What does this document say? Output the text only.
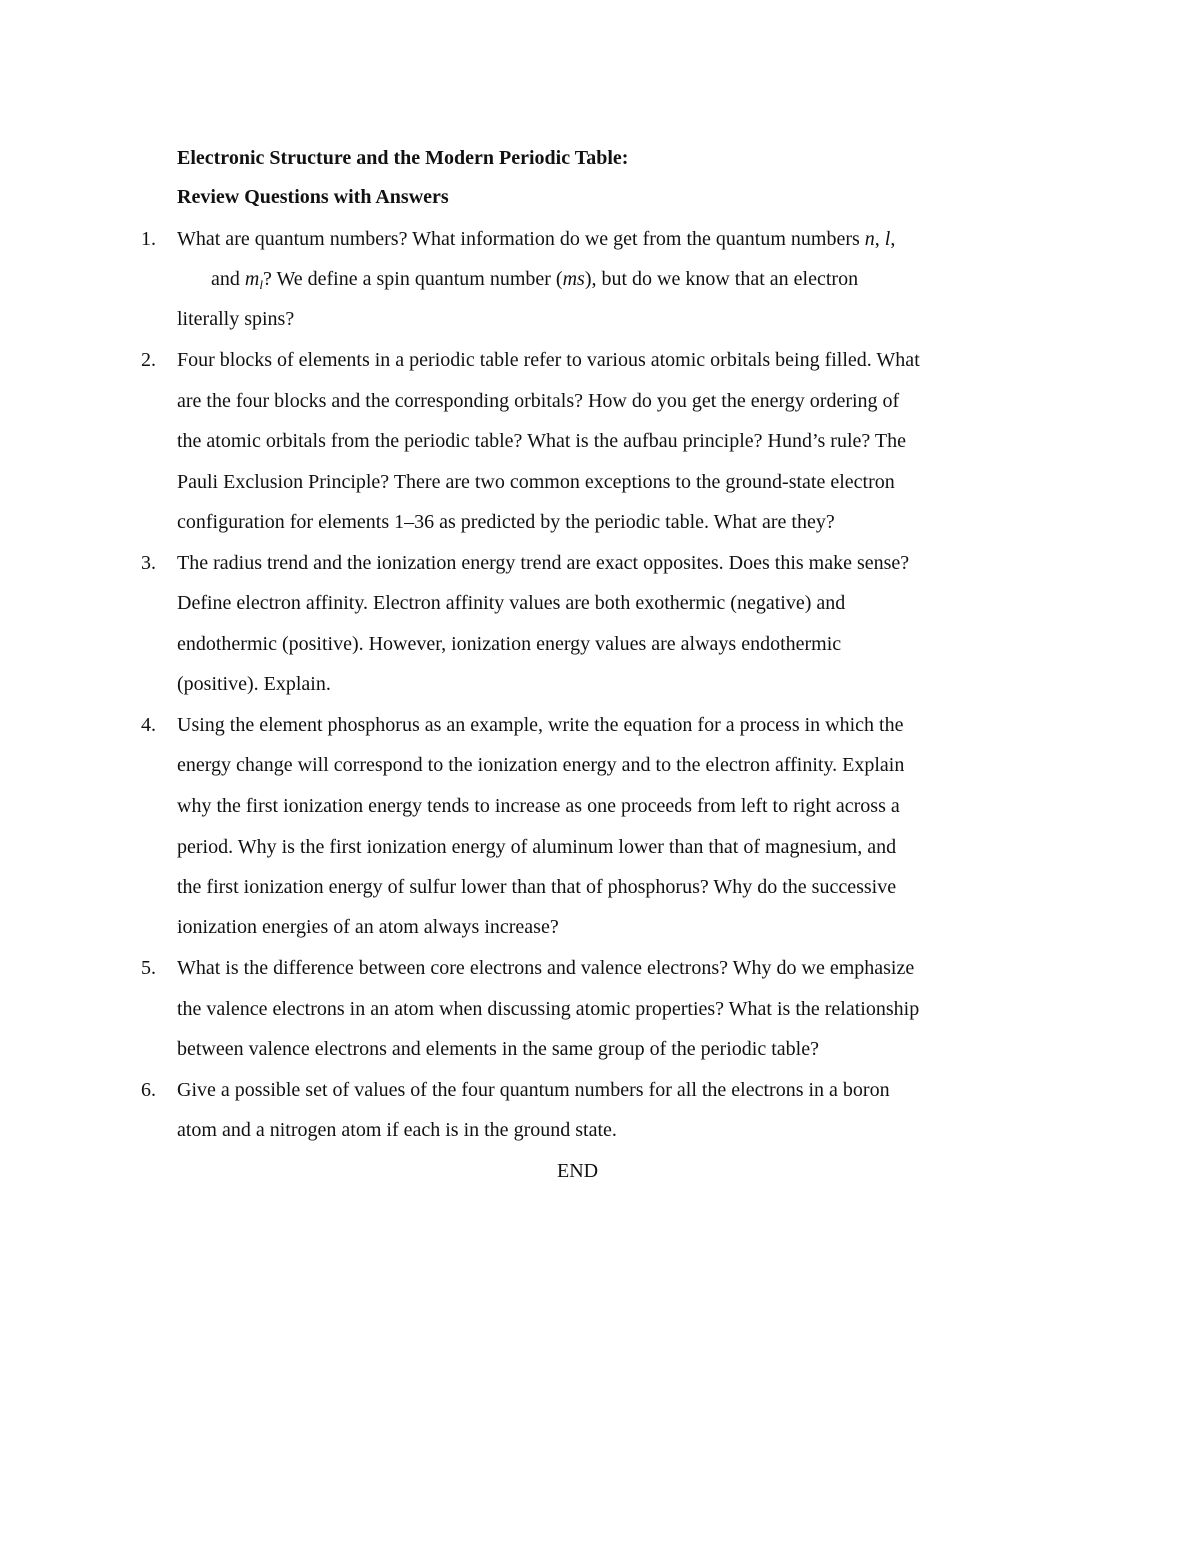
Electronic Structure and the Modern Periodic Table:
Review Questions with Answers
1.	What are quantum numbers? What information do we get from the quantum numbers n, l,
and $m_l$? We define a spin quantum number (ms), but do we know that an electron
literally spins?
2.	Four blocks of elements in a periodic table refer to various atomic orbitals being filled. What
are the four blocks and the corresponding orbitals? How do you get the energy ordering of
the atomic orbitals from the periodic table? What is the aufbau principle? Hund’s rule? The
Pauli Exclusion Principle? There are two common exceptions to the ground-state electron
configuration for elements 1–36 as predicted by the periodic table. What are they?
3.	The radius trend and the ionization energy trend are exact opposites. Does this make sense?
Define electron affinity. Electron affinity values are both exothermic (negative) and
endothermic (positive). However, ionization energy values are always endothermic
(positive). Explain.
4.	Using the element phosphorus as an example, write the equation for a process in which the
energy change will correspond to the ionization energy and to the electron affinity. Explain
why the first ionization energy tends to increase as one proceeds from left to right across a
period. Why is the first ionization energy of aluminum lower than that of magnesium, and
the first ionization energy of sulfur lower than that of phosphorus? Why do the successive
ionization energies of an atom always increase?
5.	What is the difference between core electrons and valence electrons? Why do we emphasize
the valence electrons in an atom when discussing atomic properties? What is the relationship
between valence electrons and elements in the same group of the periodic table?
6.	Give a possible set of values of the four quantum numbers for all the electrons in a boron
atom and a nitrogen atom if each is in the ground state.
END
